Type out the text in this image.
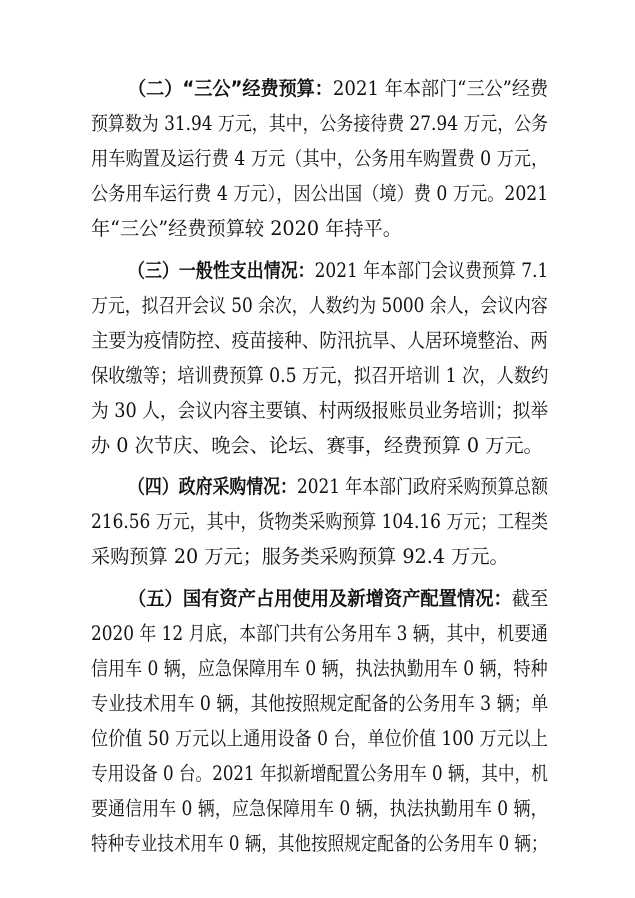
（二）“三公”经费预算：2021 年本部门“三公”经费

预算数为 31.94 万元，其中，公务接待费 27.94 万元，公务

用车购置及运行费 4 万元（其中，公务用车购置费 0 万元，

公务用车运行费 4 万元），因公出国（境）费 0 万元。2021

年“三公”经费预算较 2020 年持平。

（三）一般性支出情况：2021 年本部门会议费预算 7.1

万元，拟召开会议 50 余次，人数约为 5000 余人，会议内容

主要为疫情防控、疫苗接种、防汛抗旱、人居环境整治、两

保收缴等；培训费预算 0.5 万元，拟召开培训 1 次，人数约

为 30 人，会议内容主要镇、村两级报账员业务培训；拟举

办 0 次节庆、晚会、论坛、赛事，经费预算 0 万元。

（四）政府采购情况：2021 年本部门政府采购预算总额

216.56 万元，其中，货物类采购预算 104.16 万元；工程类

采购预算 20 万元；服务类采购预算 92.4 万元。

（五）国有资产占用使用及新增资产配置情况：截至

2020 年 12 月底，本部门共有公务用车 3 辆，其中，机要通

信用车 0 辆，应急保障用车 0 辆，执法执勤用车 0 辆，特种

专业技术用车 0 辆，其他按照规定配备的公务用车 3 辆；单

位价值 50 万元以上通用设备 0 台，单位价值 100 万元以上

专用设备 0 台。2021 年拟新增配置公务用车 0 辆，其中，机

要通信用车 0 辆，应急保障用车 0 辆，执法执勤用车 0 辆，

特种专业技术用车 0 辆，其他按照规定配备的公务用车 0 辆；
